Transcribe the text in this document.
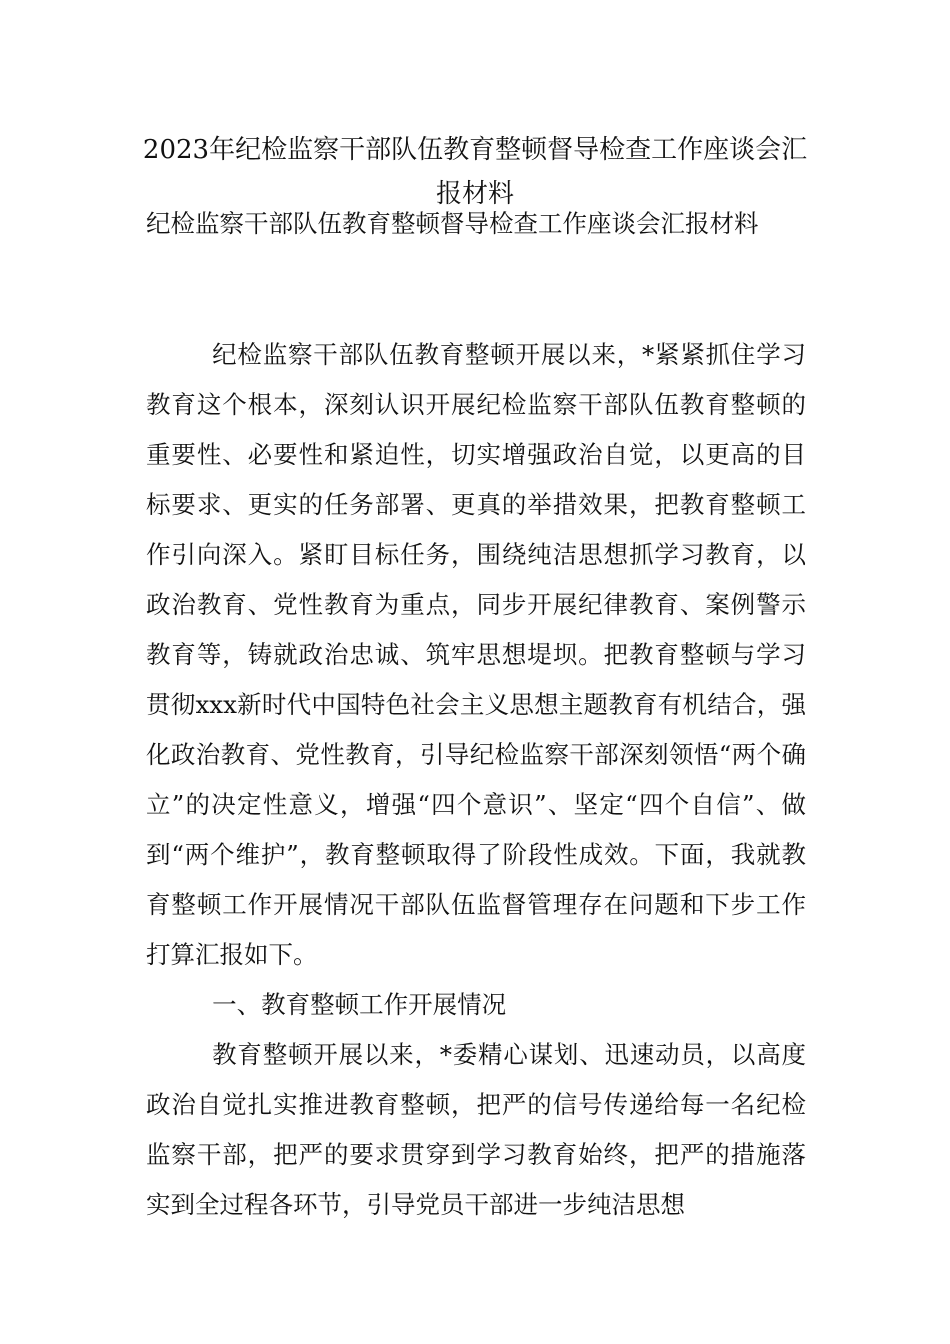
2023年纪检监察干部队伍教育整顿督导检查工作座谈会汇报材料

纪检监察干部队伍教育整顿督导检查工作座谈会汇报材料

纪检监察干部队伍教育整顿开展以来，*紧紧抓住学习教育这个根本，深刻认识开展纪检监察干部队伍教育整顿的重要性、必要性和紧迫性，切实增强政治自觉，以更高的目标要求、更实的任务部署、更真的举措效果，把教育整顿工作引向深入。紧盯目标任务，围绕纯洁思想抓学习教育，以政治教育、党性教育为重点，同步开展纪律教育、案例警示教育等，铸就政治忠诚、筑牢思想堤坝。把教育整顿与学习贯彻xxx新时代中国特色社会主义思想主题教育有机结合，强化政治教育、党性教育，引导纪检监察干部深刻领悟“两个确立”的决定性意义，增强“四个意识”、坚定“四个自信”、做到“两个维护”，教育整顿取得了阶段性成效。下面，我就教育整顿工作开展情况干部队伍监督管理存在问题和下步工作打算汇报如下。

一、教育整顿工作开展情况

教育整顿开展以来，*委精心谋划、迅速动员，以高度政治自觉扎实推进教育整顿，把严的信号传递给每一名纪检监察干部，把严的要求贯穿到学习教育始终，把严的措施落实到全过程各环节，引导党员干部进一步纯洁思想
